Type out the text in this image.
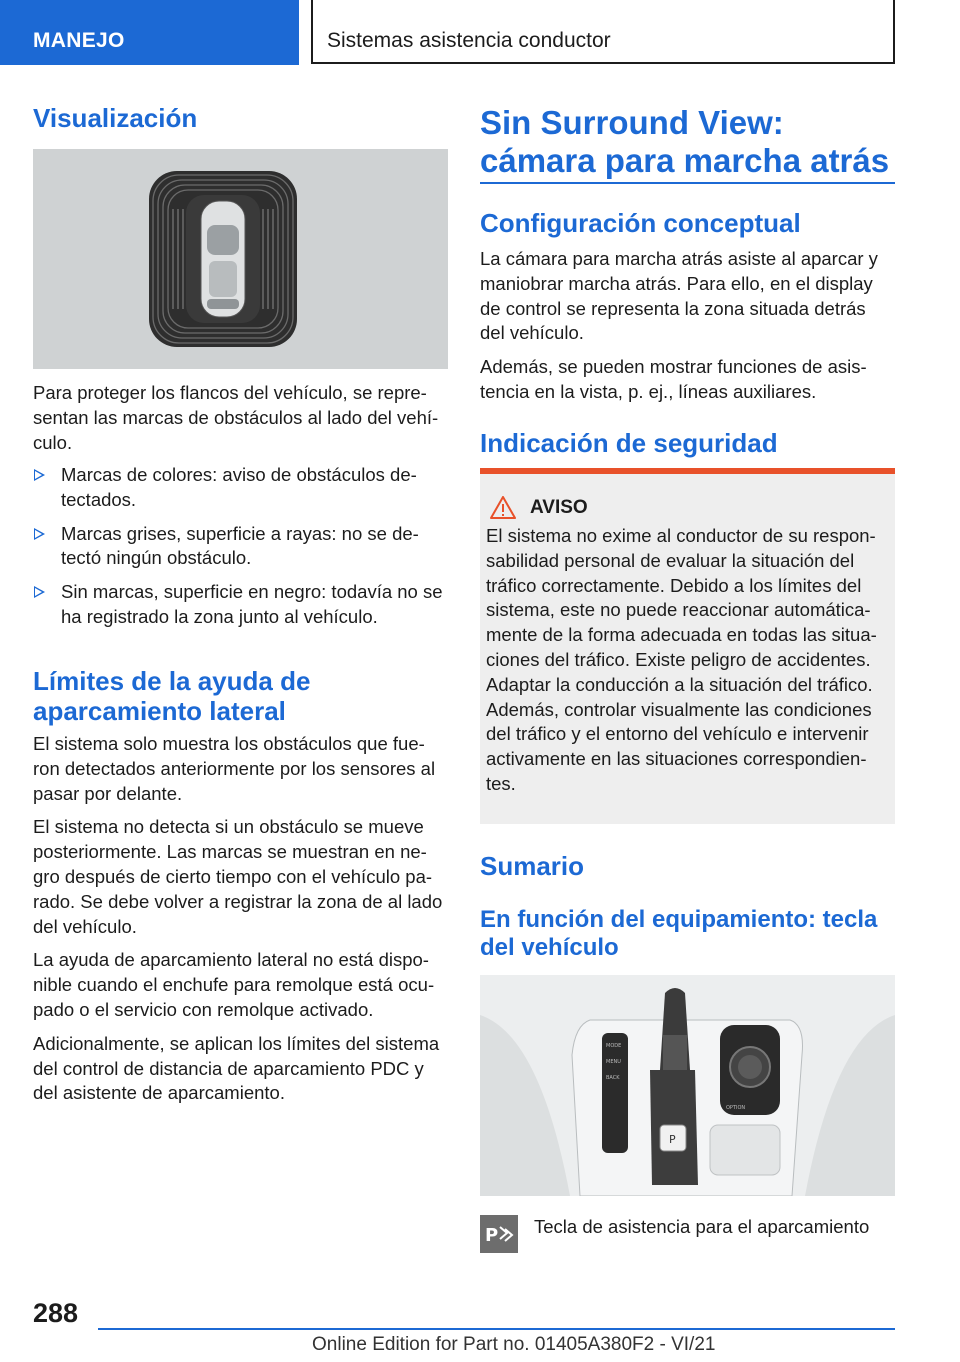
MANEJO	Sistemas asistencia conductor
Visualización

Para proteger los flancos del vehículo, se repre-sentan las marcas de obstáculos al lado del vehí-culo.

Marcas de colores: aviso de obstáculos de-tectados.
Marcas grises, superficie a rayas: no se de-tectó ningún obstáculo.
Sin marcas, superficie en negro: todavía no se ha registrado la zona junto al vehículo.
Límites de la ayuda de aparcamiento lateral

El sistema solo muestra los obstáculos que fue-ron detectados anteriormente por los sensores al pasar por delante.

El sistema no detecta si un obstáculo se mueve posteriormente. Las marcas se muestran en ne-gro después de cierto tiempo con el vehículo pa-rado. Se debe volver a registrar la zona de al lado del vehículo.

La ayuda de aparcamiento lateral no está dispo-nible cuando el enchufe para remolque está ocu-pado o el servicio con remolque activado.

Adicionalmente, se aplican los límites del sistema del control de distancia de aparcamiento PDC y del asistente de aparcamiento.

Sin Surround View: cámara para marcha atrás
Configuración conceptual

La cámara para marcha atrás asiste al aparcar y maniobrar marcha atrás. Para ello, en el display de control se representa la zona situada detrás del vehículo.

Además, se pueden mostrar funciones de asis-tencia en la vista, p. ej., líneas auxiliares.

Indicación de seguridad
AVISO

El sistema no exime al conductor de su respon-sabilidad personal de evaluar la situación del tráfico correctamente. Debido a los límites del sistema, este no puede reaccionar automática-mente de la forma adecuada en todas las situa-ciones del tráfico. Existe peligro de accidentes. Adaptar la conducción a la situación del tráfico. Además, controlar visualmente las condiciones del tráfico y el entorno del vehículo e intervenir activamente en las situaciones correspondien-tes.

Sumario
En función del equipamiento: tecla del vehículo
MODE
MENU
BACK
P
OPTION
P Tecla de asistencia para el aparcamiento
288
Online Edition for Part no. 01405A380F2 - VI/21
